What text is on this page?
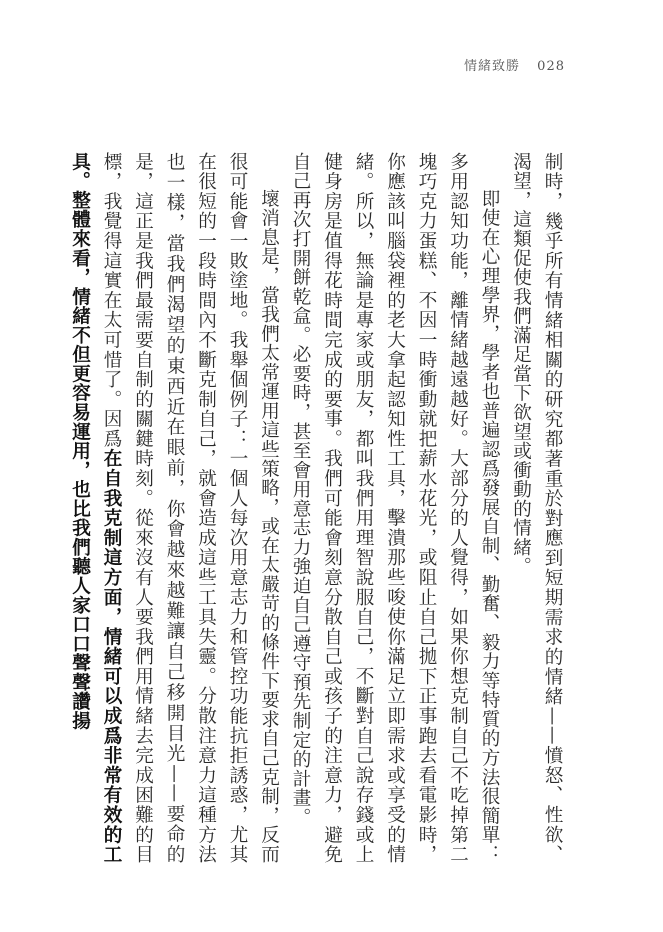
情緒致勝 028

制時，幾乎所有情緒相關的研究都著重於對應到短期需求的情緒——憤怒、性欲、渴望，這類促使我們滿足當下欲望或衝動的情緒。

即使在心理學界，學者也普遍認爲發展自制、勤奮、毅力等特質的方法很簡單：多用認知功能，離情緒越遠越好。大部分的人覺得，如果你想克制自己不吃掉第二塊巧克力蛋糕、不因一時衝動就把薪水花光，或阻止自己拋下正事跑去看電影時，你應該叫腦袋裡的老大拿起認知性工具，擊潰那些唆使你滿足立即需求或享受的情緒。所以，無論是專家或朋友，都叫我們用理智說服自己，不斷對自己說存錢或上健身房是值得花時間完成的要事。我們可能會刻意分散自己或孩子的注意力，避免自己再次打開餅乾盒。必要時，甚至會用意志力強迫自己遵守預先制定的計畫。

壞消息是，當我們太常運用這些策略，或在太嚴苛的條件下要求自己克制，反而很可能會一敗塗地。我舉個例子：一個人每次用意志力和管控功能抗拒誘惑，尤其在很短的一段時間內不斷克制自己，就會造成這些工具失靈。分散注意力這種方法也一樣，當我們渴望的東西近在眼前，你會越來越難讓自己移開目光——要命的是，這正是我們最需要自制的關鍵時刻。從來沒有人要我們用情緒去完成困難的目標，我覺得這實在太可惜了。因爲在自我克制這方面，情緒可以成爲非常有效的工具。整體來看，情緒不但更容易運用，也比我們聽人家口口聲聲讚揚
